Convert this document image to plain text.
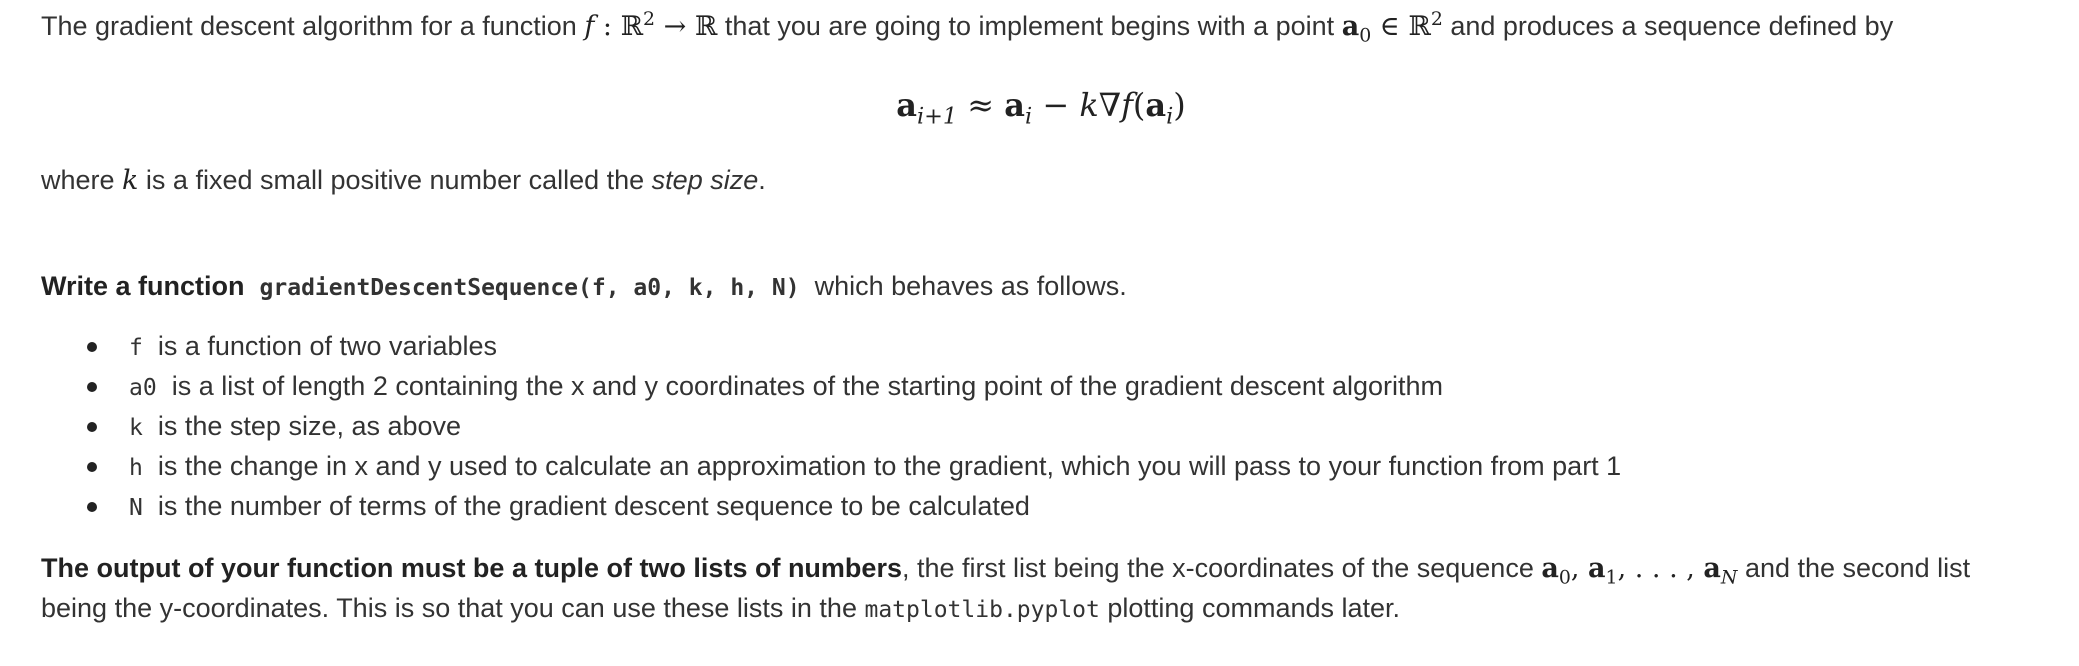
The gradient descent algorithm for a function f : ℝ$^2$ → ℝ that you are going to implement begins with a point $a_0$ ∈ ℝ$^2$ and produces a sequence defined by
$a_{i+1} \approx a_i - k\nabla f(a_i)$
where k is a fixed small positive number called the step size.
Write a function gradientDescentSequence(f, a0, k, h, N) which behaves as follows.
f is a function of two variables
a0 is a list of length 2 containing the x and y coordinates of the starting point of the gradient descent algorithm
k is the step size, as above
h is the change in x and y used to calculate an approximation to the gradient, which you will pass to your function from part 1
N is the number of terms of the gradient descent sequence to be calculated
The output of your function must be a tuple of two lists of numbers, the first list being the x-coordinates of the sequence $a_0$, $a_1$, . . . , $a_N$ and the second list
being the y-coordinates. This is so that you can use these lists in the matplotlib.pyplot plotting commands later.
